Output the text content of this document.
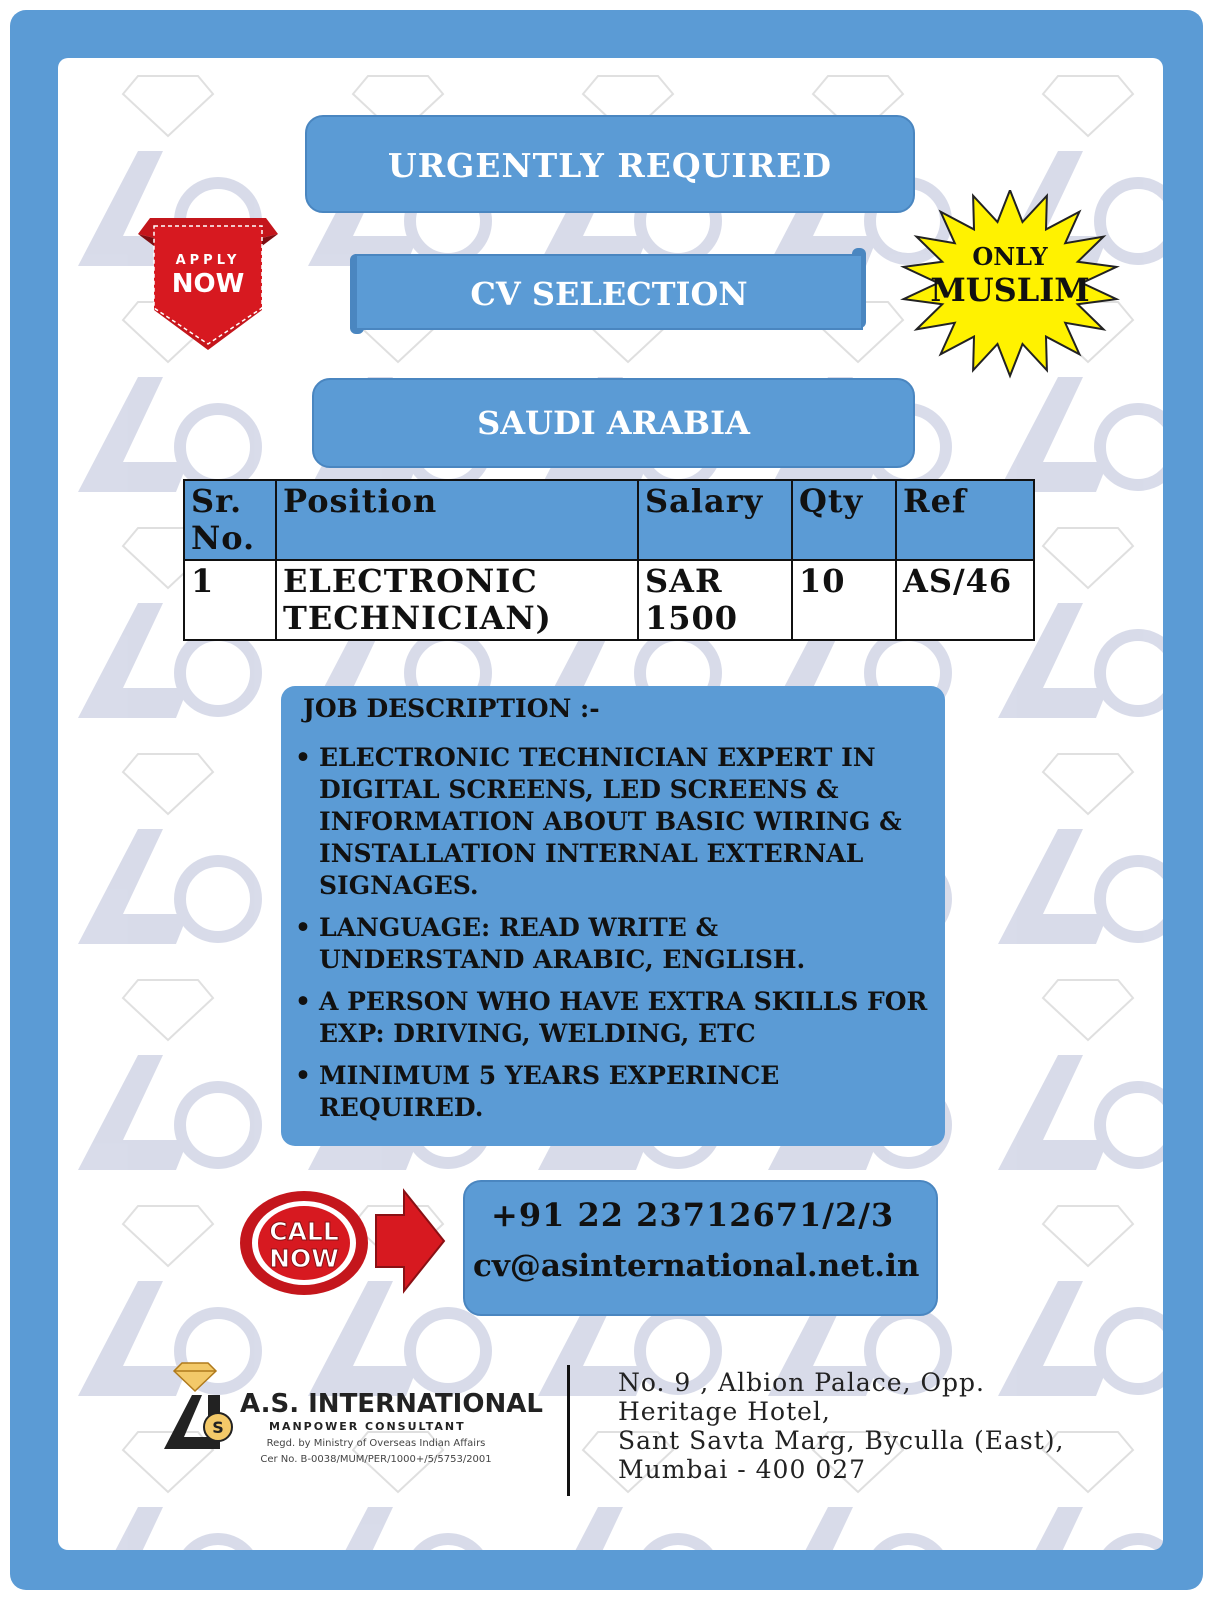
URGENTLY REQUIRED
APPLY
NOW	CV SELECTION
ONLY
MUSLIM
SAUDI ARABIA
Sr. No.	Position	Salary	Qty	Ref
1	ELECTRONIC TECHNICIAN)	SAR 1500	10	AS/46
JOB DESCRIPTION :-
• ELECTRONIC TECHNICIAN EXPERT IN DIGITAL SCREENS, LED SCREENS & INFORMATION ABOUT BASIC WIRING & INSTALLATION INTERNAL EXTERNAL SIGNAGES.
• LANGUAGE: READ WRITE & UNDERSTAND ARABIC, ENGLISH.
• A PERSON WHO HAVE EXTRA SKILLS FOR EXP: DRIVING, WELDING, ETC
• MINIMUM 5 YEARS EXPERINCE REQUIRED.
CALL
NOW
+91 22 23712671/2/3
cv@asinternational.net.in
S
A.S. INTERNATIONAL
MANPOWER CONSULTANT
Regd. by Ministry of Overseas Indian Affairs
Cer No. B-0038/MUM/PER/1000+/5/5753/2001
No. 9 , Albion Palace, Opp.
Heritage Hotel,
Sant Savta Marg, Byculla (East),
Mumbai - 400 027
